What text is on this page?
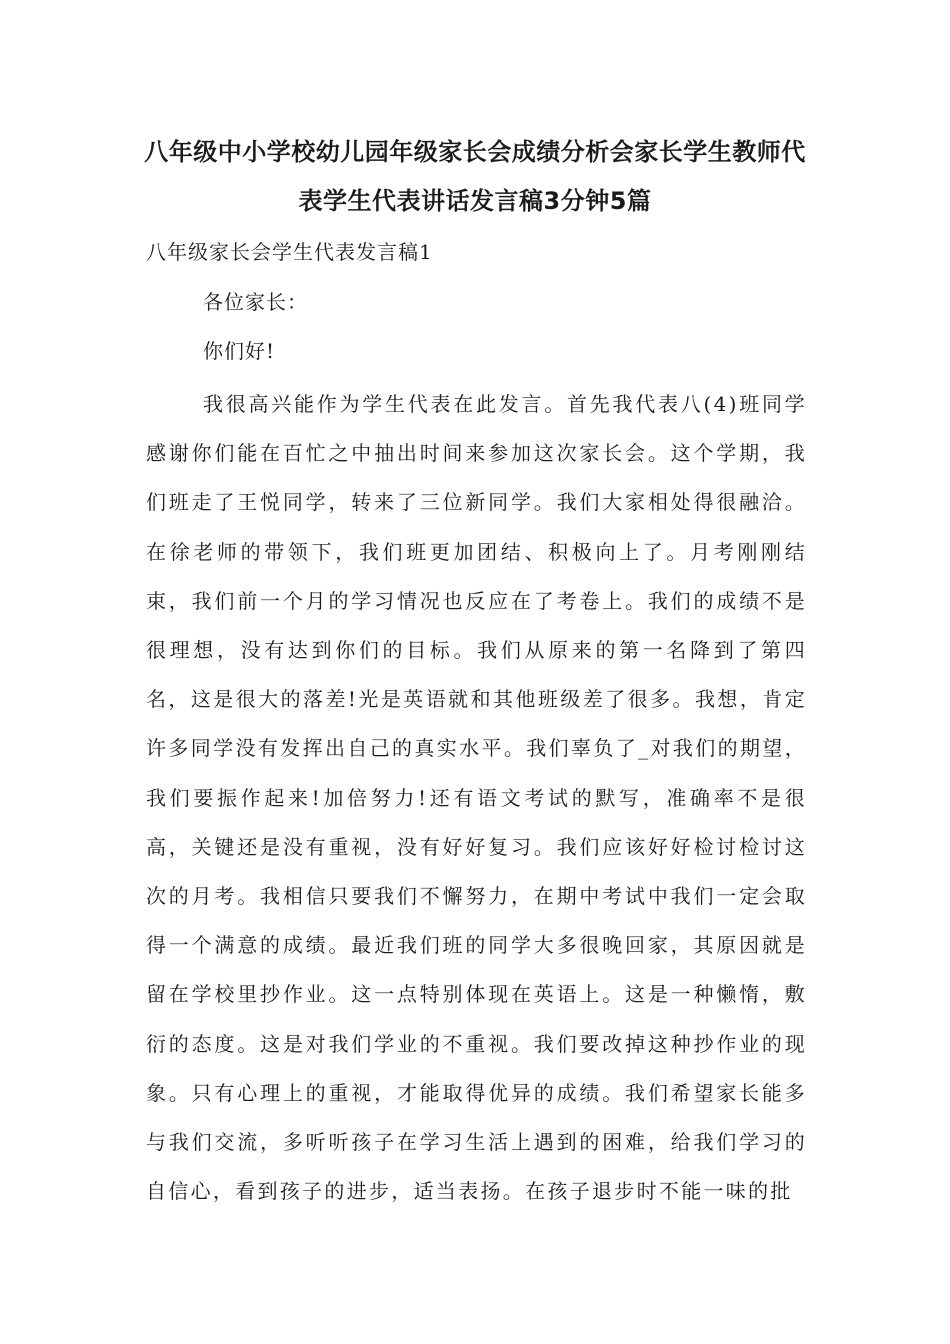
八年级中小学校幼儿园年级家长会成绩分析会家长学生教师代表学生代表讲话发言稿3分钟5篇
八年级家长会学生代表发言稿1

各位家长：

你们好!

我很高兴能作为学生代表在此发言。首先我代表八(4)班同学感谢你们能在百忙之中抽出时间来参加这次家长会。这个学期，我们班走了王悦同学，转来了三位新同学。我们大家相处得很融洽。在徐老师的带领下，我们班更加团结、积极向上了。月考刚刚结束，我们前一个月的学习情况也反应在了考卷上。我们的成绩不是很理想，没有达到你们的目标。我们从原来的第一名降到了第四名，这是很大的落差!光是英语就和其他班级差了很多。我想，肯定许多同学没有发挥出自己的真实水平。我们辜负了_对我们的期望，我们要振作起来!加倍努力!还有语文考试的默写，准确率不是很高，关键还是没有重视，没有好好复习。我们应该好好检讨检讨这次的月考。我相信只要我们不懈努力，在期中考试中我们一定会取得一个满意的成绩。最近我们班的同学大多很晚回家，其原因就是留在学校里抄作业。这一点特别体现在英语上。这是一种懒惰，敷衍的态度。这是对我们学业的不重视。我们要改掉这种抄作业的现象。只有心理上的重视，才能取得优异的成绩。我们希望家长能多与我们交流，多听听孩子在学习生活上遇到的困难，给我们学习的自信心，看到孩子的进步，适当表扬。在孩子退步时不能一味的批
